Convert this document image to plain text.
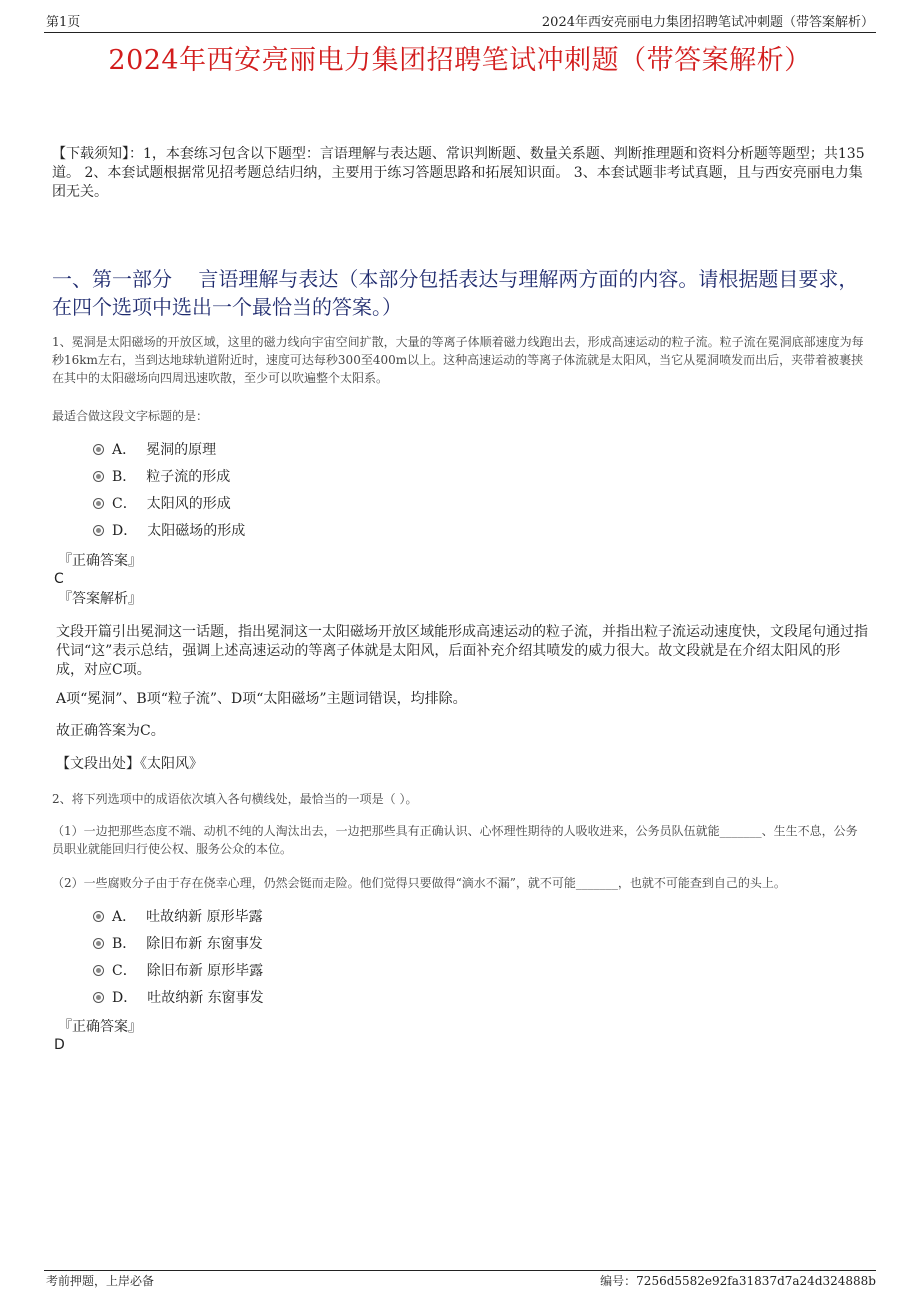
第1页	2024年西安亮丽电力集团招聘笔试冲刺题（带答案解析）
2024年西安亮丽电力集团招聘笔试冲刺题（带答案解析）
【下载须知】：1，本套练习包含以下题型：言语理解与表达题、常识判断题、数量关系题、判断推理题和资料分析题等题型；共135道。 2、本套试题根据常见招考题总结归纳，主要用于练习答题思路和拓展知识面。 3、本套试题非考试真题，且与西安亮丽电力集团无关。
一、第一部分　 言语理解与表达（本部分包括表达与理解两方面的内容。请根据题目要求，在四个选项中选出一个最恰当的答案。）
1、冕洞是太阳磁场的开放区域，这里的磁力线向宇宙空间扩散，大量的等离子体顺着磁力线跑出去，形成高速运动的粒子流。粒子流在冕洞底部速度为每秒16km左右，当到达地球轨道附近时，速度可达每秒300至400m以上。这种高速运动的等离子体流就是太阳风，当它从冕洞喷发而出后，夹带着被裹挟在其中的太阳磁场向四周迅速吹散，至少可以吹遍整个太阳系。
最适合做这段文字标题的是：
A． 冕洞的原理
B． 粒子流的形成
C． 太阳风的形成
D． 太阳磁场的形成
『正确答案』
C
『答案解析』
文段开篇引出冕洞这一话题，指出冕洞这一太阳磁场开放区域能形成高速运动的粒子流，并指出粒子流运动速度快，文段尾句通过指代词“这”表示总结，强调上述高速运动的等离子体就是太阳风，后面补充介绍其喷发的威力很大。故文段就是在介绍太阳风的形成，对应C项。
A项“冕洞”、B项“粒子流”、D项“太阳磁场”主题词错误，均排除。
故正确答案为C。
【文段出处】《太阳风》
2、将下列选项中的成语依次填入各句横线处，最恰当的一项是（ ）。
（1）一边把那些态度不端、动机不纯的人淘汰出去，一边把那些具有正确认识、心怀理性期待的人吸收进来，公务员队伍就能_______、生生不息，公务员职业就能回归行使公权、服务公众的本位。
（2）一些腐败分子由于存在侥幸心理，仍然会铤而走险。他们觉得只要做得“滴水不漏”，就不可能_______，也就不可能查到自己的头上。
A． 吐故纳新 原形毕露
B． 除旧布新 东窗事发
C． 除旧布新 原形毕露
D． 吐故纳新 东窗事发
『正确答案』
D
考前押题，上岸必备	编号：7256d5582e92fa31837d7a24d324888b
